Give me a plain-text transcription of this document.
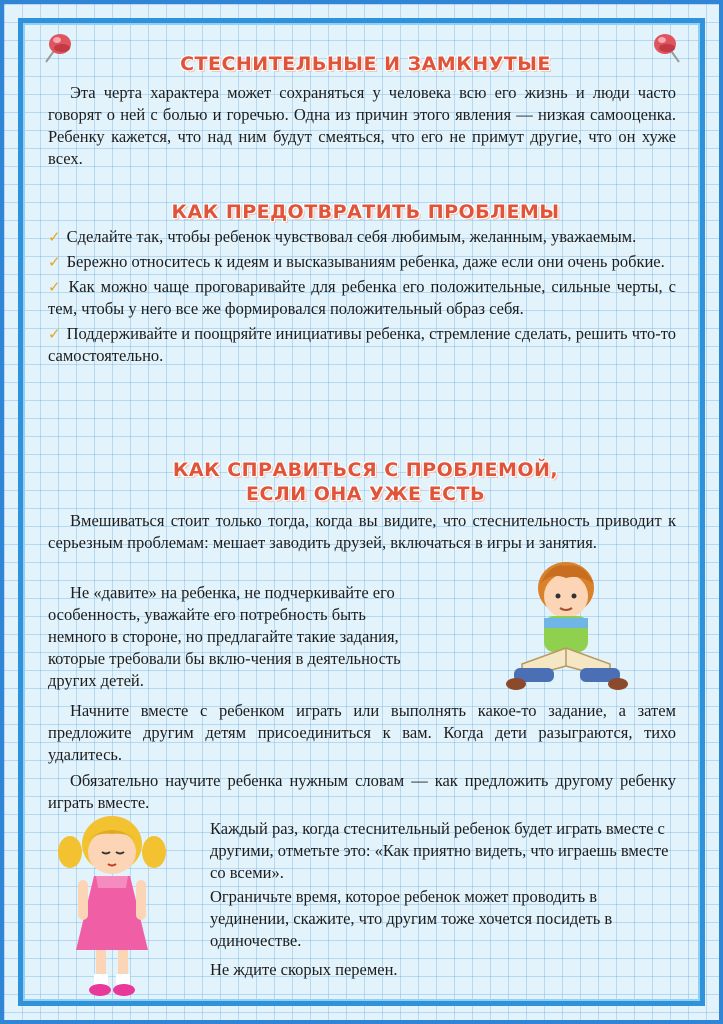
СТЕСНИТЕЛЬНЫЕ И ЗАМКНУТЫЕ

Эта черта характера может сохраняться у человека всю его жизнь и люди часто говорят о ней с болью и горечью. Одна из причин этого явления — низкая самооценка. Ребенку кажется, что над ним будут смеяться, что его не примут другие, что он хуже всех.

КАК ПРЕДОТВРАТИТЬ ПРОБЛЕМЫ
✓ Сделайте так, чтобы ребенок чувствовал себя любимым, желанным, уважаемым.
✓ Бережно относитесь к идеям и высказываниям ребенка, даже если они очень робкие.
✓ Как можно чаще проговаривайте для ребенка его положительные, сильные черты, с тем, чтобы у него все же формировался положительный образ себя.
✓ Поддерживайте и поощряйте инициативы ребенка, стремление сделать, решить что-то самостоятельно.
КАК СПРАВИТЬСЯ С ПРОБЛЕМОЙ,
ЕСЛИ ОНА УЖЕ ЕСТЬ

Вмешиваться стоит только тогда, когда вы видите, что стеснительность приводит к серьезным проблемам: мешает заводить друзей, включаться в игры и занятия.

Не «давите» на ребенка, не подчеркивайте его особенность, уважайте его потребность быть немного в стороне, но предлагайте такие задания, которые требовали бы вклю-чения в деятельность других детей.

Начните вместе с ребенком играть или выполнять какое-то задание, а затем предложите другим детям присоединиться к вам. Когда дети разыграются, тихо удалитесь.

Обязательно научите ребенка нужным словам — как предложить другому ребенку играть вместе.

Каждый раз, когда стеснительный ребенок будет играть вместе с другими, отметьте это: «Как приятно видеть, что играешь вместе со всеми».

Ограничьте время, которое ребенок может проводить в уединении, скажите, что другим тоже хочется посидеть в одиночестве.

Не ждите скорых перемен.
